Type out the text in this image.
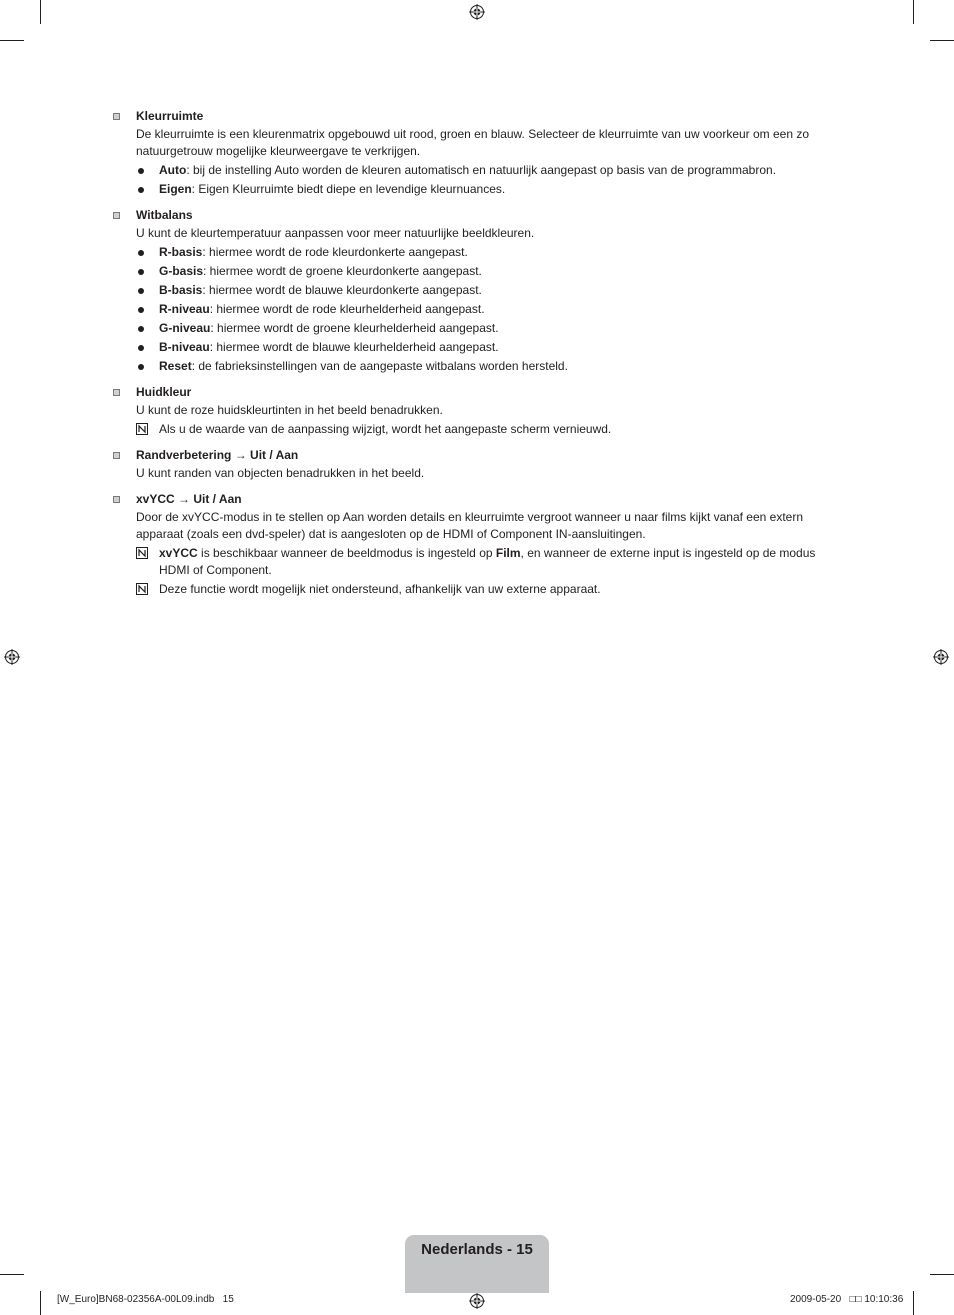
Kleurruimte

De kleurruimte is een kleurenmatrix opgebouwd uit rood, groen en blauw. Selecteer de kleurruimte van uw voorkeur om een zo natuurgetrouw mogelijke kleurweergave te verkrijgen.

Auto: bij de instelling Auto worden de kleuren automatisch en natuurlijk aangepast op basis van de programmabron.
Eigen: Eigen Kleurruimte biedt diepe en levendige kleurnuances.
Witbalans

U kunt de kleurtemperatuur aanpassen voor meer natuurlijke beeldkleuren.

R-basis: hiermee wordt de rode kleurdonkerte aangepast.
G-basis: hiermee wordt de groene kleurdonkerte aangepast.
B-basis: hiermee wordt de blauwe kleurdonkerte aangepast.
R-niveau: hiermee wordt de rode kleurhelderheid aangepast.
G-niveau: hiermee wordt de groene kleurhelderheid aangepast.
B-niveau: hiermee wordt de blauwe kleurhelderheid aangepast.
Reset: de fabrieksinstellingen van de aangepaste witbalans worden hersteld.
Huidkleur

U kunt de roze huidskleurtinten in het beeld benadrukken.

Als u de waarde van de aanpassing wijzigt, wordt het aangepaste scherm vernieuwd.
Randverbetering → Uit / Aan

U kunt randen van objecten benadrukken in het beeld.

xvYCC → Uit / Aan

Door de xvYCC-modus in te stellen op Aan worden details en kleurruimte vergroot wanneer u naar films kijkt vanaf een extern apparaat (zoals een dvd-speler) dat is aangesloten op de HDMI of Component IN-aansluitingen.

xvYCC is beschikbaar wanneer de beeldmodus is ingesteld op Film, en wanneer de externe input is ingesteld op de modus HDMI of Component.
Deze functie wordt mogelijk niet ondersteund, afhankelijk van uw externe apparaat.
Nederlands - 15
[W_Euro]BN68-02356A-00L09.indb   15	2009-05-20   □□ 10:10:36
